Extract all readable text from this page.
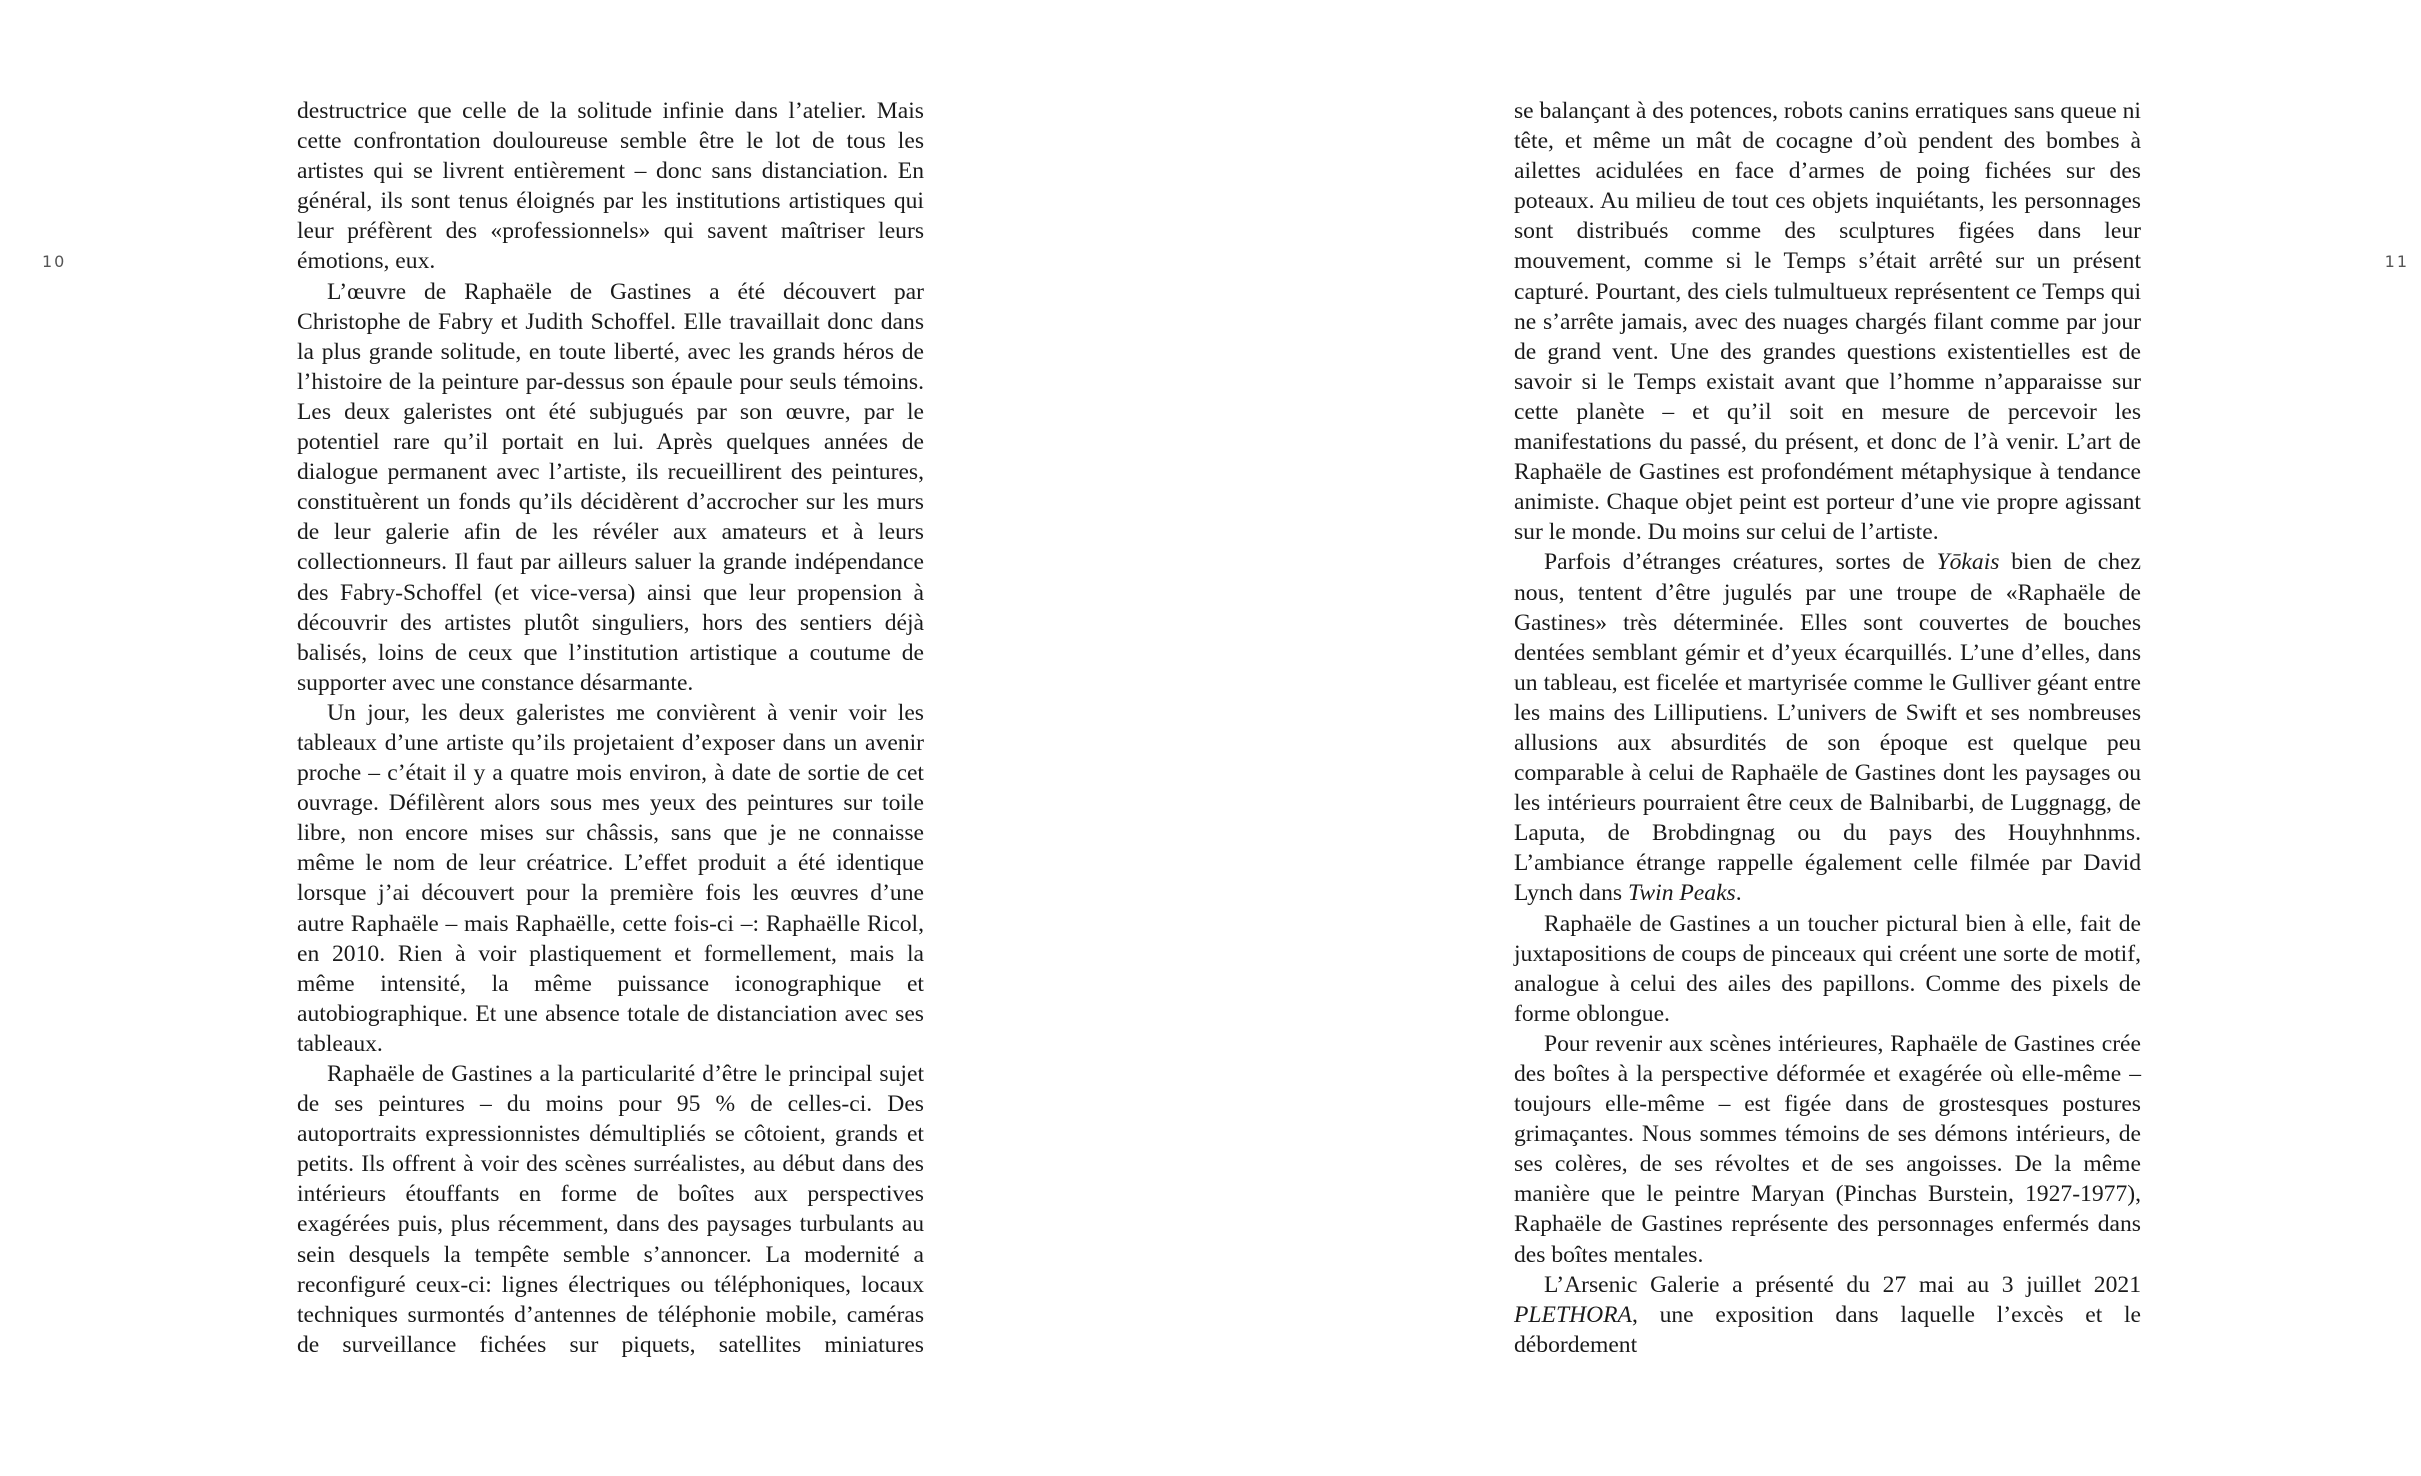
10

destructrice que celle de la solitude infinie dans l’atelier. Mais cette confrontation douloureuse semble être le lot de tous les artistes qui se livrent entièrement – donc sans distanciation. En général, ils sont tenus éloignés par les institutions artistiques qui leur préfèrent des «professionnels» qui savent maîtriser leurs émotions, eux.

L’œuvre de Raphaële de Gastines a été découvert par Christophe de Fabry et Judith Schoffel. Elle travaillait donc dans la plus grande solitude, en toute liberté, avec les grands héros de l’histoire de la peinture par-dessus son épaule pour seuls témoins. Les deux galeristes ont été subjugués par son œuvre, par le potentiel rare qu’il portait en lui. Après quelques années de dialogue permanent avec l’artiste, ils recueillirent des peintures, constituèrent un fonds qu’ils décidèrent d’accrocher sur les murs de leur galerie afin de les révéler aux amateurs et à leurs collectionneurs. Il faut par ailleurs saluer la grande indépendance des Fabry-Schoffel (et vice-versa) ainsi que leur propension à découvrir des artistes plutôt singuliers, hors des sentiers déjà balisés, loins de ceux que l’institution artistique a coutume de supporter avec une constance désarmante.

Un jour, les deux galeristes me convièrent à venir voir les tableaux d’une artiste qu’ils projetaient d’exposer dans un avenir proche – c’était il y a quatre mois environ, à date de sortie de cet ouvrage. Défilèrent alors sous mes yeux des peintures sur toile libre, non encore mises sur châssis, sans que je ne connaisse même le nom de leur créatrice. L’effet produit a été identique lorsque j’ai découvert pour la première fois les œuvres d’une autre Raphaële – mais Raphaëlle, cette fois-ci –: Raphaëlle Ricol, en 2010. Rien à voir plastiquement et formellement, mais la même intensité, la même puissance iconographique et autobiographique. Et une absence totale de distanciation avec ses tableaux.

Raphaële de Gastines a la particularité d’être le principal sujet de ses peintures – du moins pour 95 % de celles-ci. Des autoportraits expressionnistes démultipliés se côtoient, grands et petits. Ils offrent à voir des scènes surréalistes, au début dans des intérieurs étouffants en forme de boîtes aux perspectives exagérées puis, plus récemment, dans des paysages turbulants au sein desquels la tempête semble s’annoncer. La modernité a reconfiguré ceux-ci: lignes électriques ou téléphoniques, locaux techniques surmontés d’antennes de téléphonie mobile, caméras de surveillance fichées sur piquets, satellites miniatures

11

se balançant à des potences, robots canins erratiques sans queue ni tête, et même un mât de cocagne d’où pendent des bombes à ailettes acidulées en face d’armes de poing fichées sur des poteaux. Au milieu de tout ces objets inquiétants, les personnages sont distribués comme des sculptures figées dans leur mouvement, comme si le Temps s’était arrêté sur un présent capturé. Pourtant, des ciels tulmultueux représentent ce Temps qui ne s’arrête jamais, avec des nuages chargés filant comme par jour de grand vent. Une des grandes questions existentielles est de savoir si le Temps existait avant que l’homme n’apparaisse sur cette planète – et qu’il soit en mesure de percevoir les manifestations du passé, du présent, et donc de l’à venir. L’art de Raphaële de Gastines est profondément métaphysique à tendance animiste. Chaque objet peint est porteur d’une vie propre agissant sur le monde. Du moins sur celui de l’artiste.

Parfois d’étranges créatures, sortes de Yōkais bien de chez nous, tentent d’être jugulés par une troupe de «Raphaële de Gastines» très déterminée. Elles sont couvertes de bouches dentées semblant gémir et d’yeux écarquillés. L’une d’elles, dans un tableau, est ficelée et martyrisée comme le Gulliver géant entre les mains des Lilliputiens. L’univers de Swift et ses nombreuses allusions aux absurdités de son époque est quelque peu comparable à celui de Raphaële de Gastines dont les paysages ou les intérieurs pourraient être ceux de Balnibarbi, de Luggnagg, de Laputa, de Brobdingnag ou du pays des Houyhnhnms. L’ambiance étrange rappelle également celle filmée par David Lynch dans Twin Peaks.

Raphaële de Gastines a un toucher pictural bien à elle, fait de juxtapositions de coups de pinceaux qui créent une sorte de motif, analogue à celui des ailes des papillons. Comme des pixels de forme oblongue.

Pour revenir aux scènes intérieures, Raphaële de Gastines crée des boîtes à la perspective déformée et exagérée où elle-même – toujours elle-même – est figée dans de grostesques postures grimaçantes. Nous sommes témoins de ses démons intérieurs, de ses colères, de ses révoltes et de ses angoisses. De la même manière que le peintre Maryan (Pinchas Burstein, 1927-1977), Raphaële de Gastines représente des personnages enfermés dans des boîtes mentales.

L’Arsenic Galerie a présenté du 27 mai au 3 juillet 2021 PLETHORA, une exposition dans laquelle l’excès et le débordement
